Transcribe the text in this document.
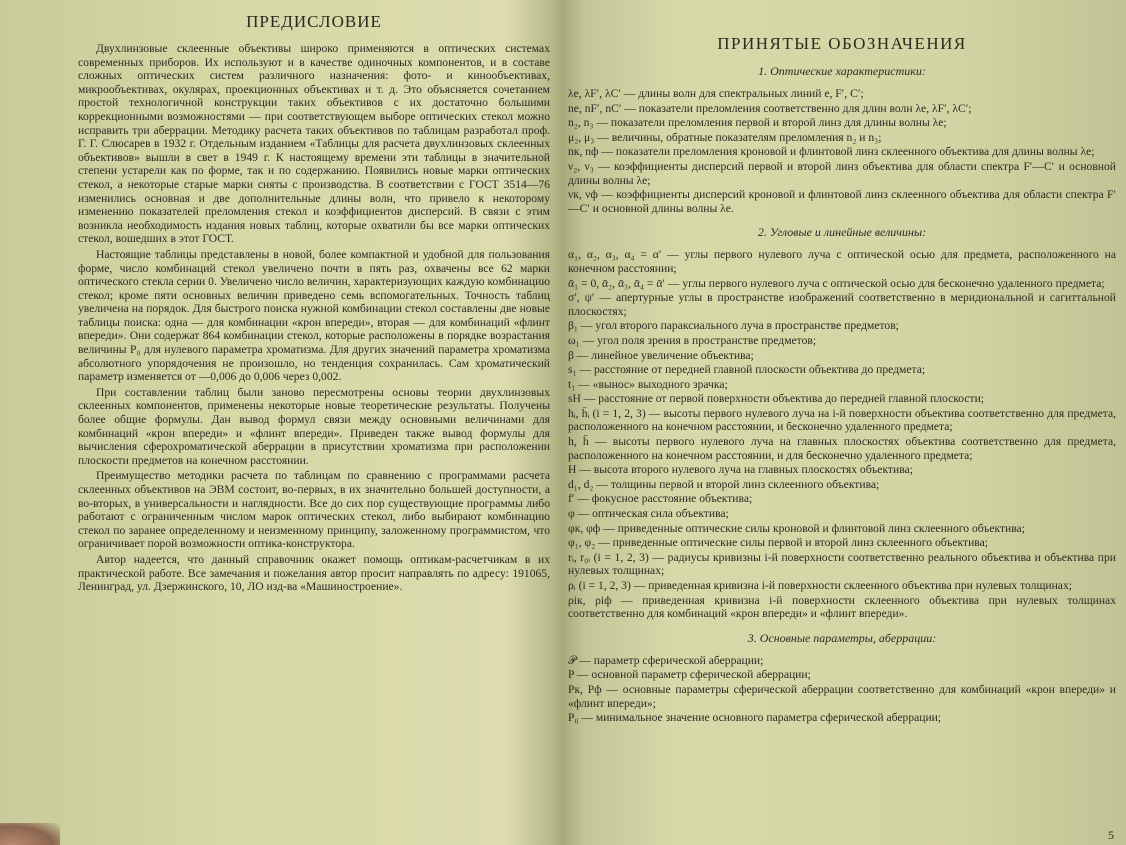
ПРЕДИСЛОВИЕ

Двухлинзовые склеенные объективы широко применяются в оптических системах современных приборов. Их используют и в качестве одиночных компонентов, и в составе сложных оптических систем различного назначения: фото- и кинообъективах, микрообъективах, окулярах, проекционных объективах и т. д. Это объясняется сочетанием простой технологичной конструкции таких объективов с их достаточно большими коррекционными возможностями — при соответствующем выборе оптических стекол можно исправить три аберрации. Методику расчета таких объективов по таблицам разработал проф. Г. Г. Слюсарев в 1932 г. Отдельным изданием «Таблицы для расчета двухлинзовых склеенных объективов» вышли в свет в 1949 г. К настоящему времени эти таблицы в значительной степени устарели как по форме, так и по содержанию. Появились новые марки оптических стекол, а некоторые старые марки сняты с производства. В соответствии с ГОСТ 3514—76 изменились основная и две дополнительные длины волн, что привело к некоторому изменению показателей преломления стекол и коэффициентов дисперсий. В связи с этим возникла необходимость издания новых таблиц, которые охватили бы все марки оптических стекол, вошедших в этот ГОСТ.

Настоящие таблицы представлены в новой, более компактной и удобной для пользования форме, число комбинаций стекол увеличено почти в пять раз, охвачены все 62 марки оптического стекла серии 0. Увеличено число величин, характеризующих каждую комбинацию стекол; кроме пяти основных величин приведено семь вспомогательных. Точность таблиц увеличена на порядок. Для быстрого поиска нужной комбинации стекол составлены две новые таблицы поиска: одна — для комбинации «крон впереди», вторая — для комбинаций «флинт впереди». Они содержат 864 комбинации стекол, которые расположены в порядке возрастания величины P₀ для нулевого параметра хроматизма. Для других значений параметра хроматизма абсолютного упорядочения не произошло, но тенденция сохранилась. Сам хроматический параметр изменяется от —0,006 до 0,006 через 0,002.

При составлении таблиц были заново пересмотрены основы теории двухлинзовых склеенных компонентов, применены некоторые новые теоретические результаты. Получены более общие формулы. Дан вывод формул связи между основными величинами для комбинаций «крон впереди» и «флинт впереди». Приведен также вывод формулы для вычисления сферохроматической аберрации в присутствии хроматизма при расположении плоскости предметов на конечном расстоянии.

Преимущество методики расчета по таблицам по сравнению с программами расчета склеенных объективов на ЭВМ состоит, во-первых, в их значительно большей доступности, а во-вторых, в универсальности и наглядности. Все до сих пор существующие программы либо работают с ограниченным числом марок оптических стекол, либо выбирают комбинацию стекол по заранее определенному и неизменному принципу, заложенному программистом, что ограничивает порой возможности оптика-конструктора.

Автор надеется, что данный справочник окажет помощь оптикам-расчетчикам в их практической работе. Все замечания и пожелания автор просит направлять по адресу: 191065, Ленинград, ул. Дзержинского, 10, ЛО изд-ва «Машиностроение».

ПРИНЯТЫЕ ОБОЗНАЧЕНИЯ
1. Оптические характеристики:

λe, λF′, λC′ — длины волн для спектральных линий e, F′, C′;

ne, nF′, nC′ — показатели преломления соответственно для длин волн λe, λF′, λC′;

n₂, n₃ — показатели преломления первой и второй линз для длины волны λe;

μ₂, μ₃ — величины, обратные показателям преломления n₂ и n₃;

nк, nф — показатели преломления кроновой и флинтовой линз склеенного объектива для длины волны λe;

ν₂, ν₃ — коэффициенты дисперсий первой и второй линз объектива для области спектра F′—C′ и основной длины волны λe;

νк, νф — коэффициенты дисперсий кроновой и флинтовой линз склеенного объектива для области спектра F′—C′ и основной длины волны λe.

2. Угловые и линейные величины:

α₁, α₂, α₃, α₄ = α′ — углы первого нулевого луча с оптической осью для предмета, расположенного на конечном расстоянии;

ᾱ₁ = 0, ᾱ₂, ᾱ₃, ᾱ₄ = ᾱ′ — углы первого нулевого луча с оптической осью для бесконечно удаленного предмета;

σ′, ψ′ — апертурные углы в пространстве изображений соответственно в меридиональной и сагиттальной плоскостях;

β₁ — угол второго параксиального луча в пространстве предметов;

ω₁ — угол поля зрения в пространстве предметов;

β — линейное увеличение объектива;

s₁ — расстояние от передней главной плоскости объектива до предмета;

t₁ — «вынос» выходного зрачка;

sH — расстояние от первой поверхности объектива до передней главной плоскости;

hᵢ, h̄ᵢ (i = 1, 2, 3) — высоты первого нулевого луча на i-й поверхности объектива соответственно для предмета, расположенного на конечном расстоянии, и бесконечно удаленного предмета;

h, h̄ — высоты первого нулевого луча на главных плоскостях объектива соответственно для предмета, расположенного на конечном расстоянии, и для бесконечно удаленного предмета;

H — высота второго нулевого луча на главных плоскостях объектива;

d₁, d₂ — толщины первой и второй линз склеенного объектива;

f′ — фокусное расстояние объектива;

φ — оптическая сила объектива;

φк, φф — приведенные оптические силы кроновой и флинтовой линз склеенного объектива;

φ₁, φ₂ — приведенные оптические силы первой и второй линз склеенного объектива;

rᵢ, r₀ᵢ (i = 1, 2, 3) — радиусы кривизны i-й поверхности соответственно реального объектива и объектива при нулевых толщинах;

ρᵢ (i = 1, 2, 3) — приведенная кривизна i-й поверхности склеенного объектива при нулевых толщинах;

ρiк, ρiф — приведенная кривизна i-й поверхности склеенного объектива при нулевых толщинах соответственно для комбинаций «крон впереди» и «флинт впереди».

3. Основные параметры, аберрации:

𝒫 — параметр сферической аберрации;

P — основной параметр сферической аберрации;

Pк, Pф — основные параметры сферической аберрации соответственно для комбинаций «крон впереди» и «флинт впереди»;

P₀ — минимальное значение основного параметра сферической аберрации;

5
